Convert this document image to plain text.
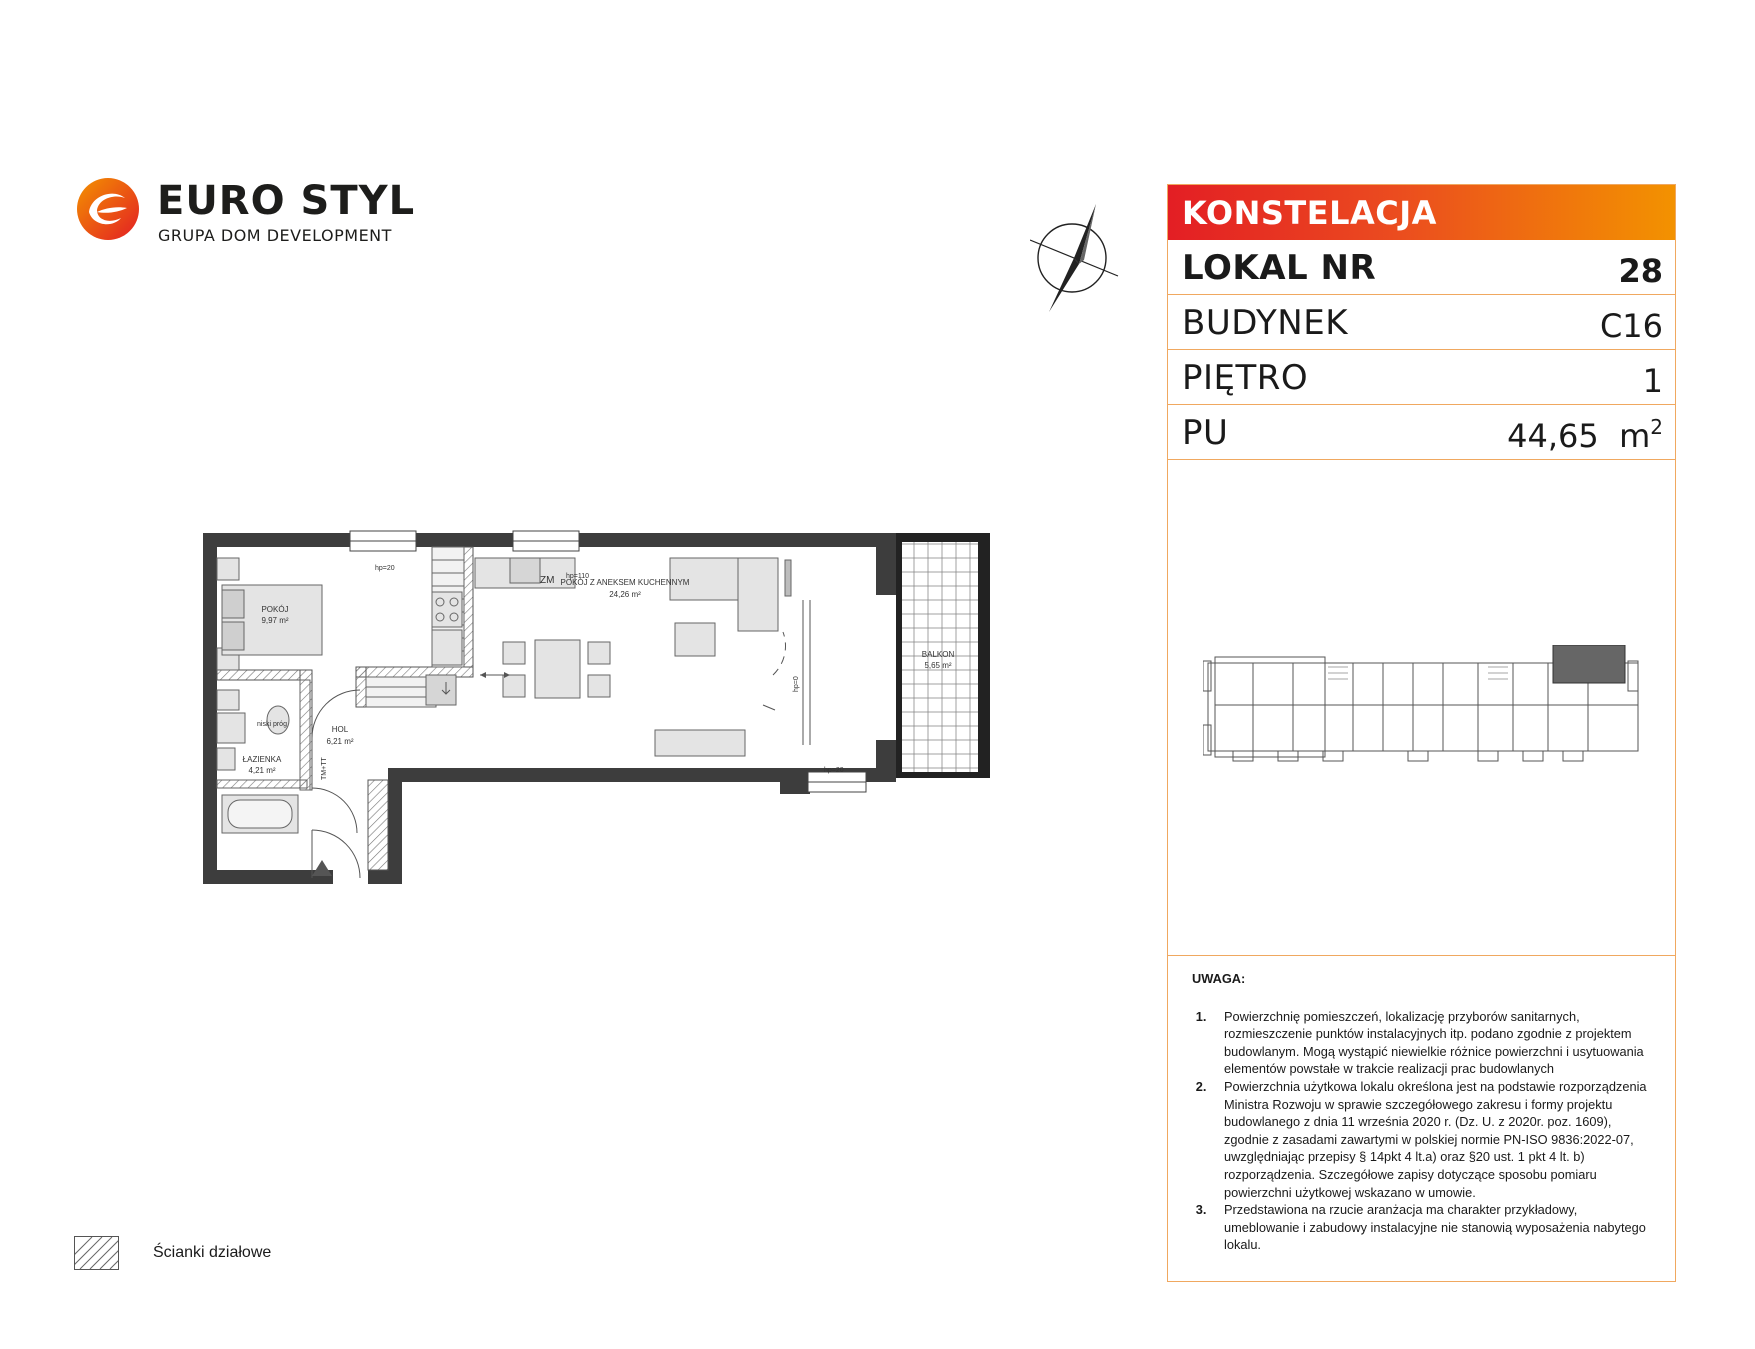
EURO STYL
GRUPA DOM DEVELOPMENT
POKÓJ
9,97 m²
POKÓJ Z ANEKSEM KUCHENNYM
24,26 m²
BALKON
5,65 m²
HOL
6,21 m²
ŁAZIENKA
4,21 m²
hp=20
hp=110
hp=20
niski próg
hp=0
TM+TT
ZM
KONSTELACJA
LOKAL NR	28
BUDYNEK	C16
PIĘTRO	1
PU	44,65 $m^2$
UWAGA:
1. Powierzchnię pomieszczeń, lokalizację przyborów sanitarnych, rozmieszczenie punktów instalacyjnych itp. podano zgodnie z projektem budowlanym. Mogą wystąpić niewielkie różnice powierzchni i usytuowania elementów powstałe w trakcie realizacji prac budowlanych
2. Powierzchnia użytkowa lokalu określona jest na podstawie rozporządzenia Ministra Rozwoju w sprawie szczegółowego zakresu i formy projektu budowlanego z dnia 11 września 2020 r. (Dz. U. z 2020r. poz. 1609), zgodnie z zasadami zawartymi w polskiej normie PN-ISO 9836:2022-07, uwzględniając przepisy § 14pkt 4 lt.a) oraz §20 ust. 1 pkt 4 lt. b) rozporządzenia. Szczegółowe zapisy dotyczące sposobu pomiaru powierzchni użytkowej wskazano w umowie.
3. Przedstawiona na rzucie aranżacja ma charakter przykładowy, umeblowanie i zabudowy instalacyjne nie stanowią wyposażenia nabytego lokalu.
Ścianki działowe
